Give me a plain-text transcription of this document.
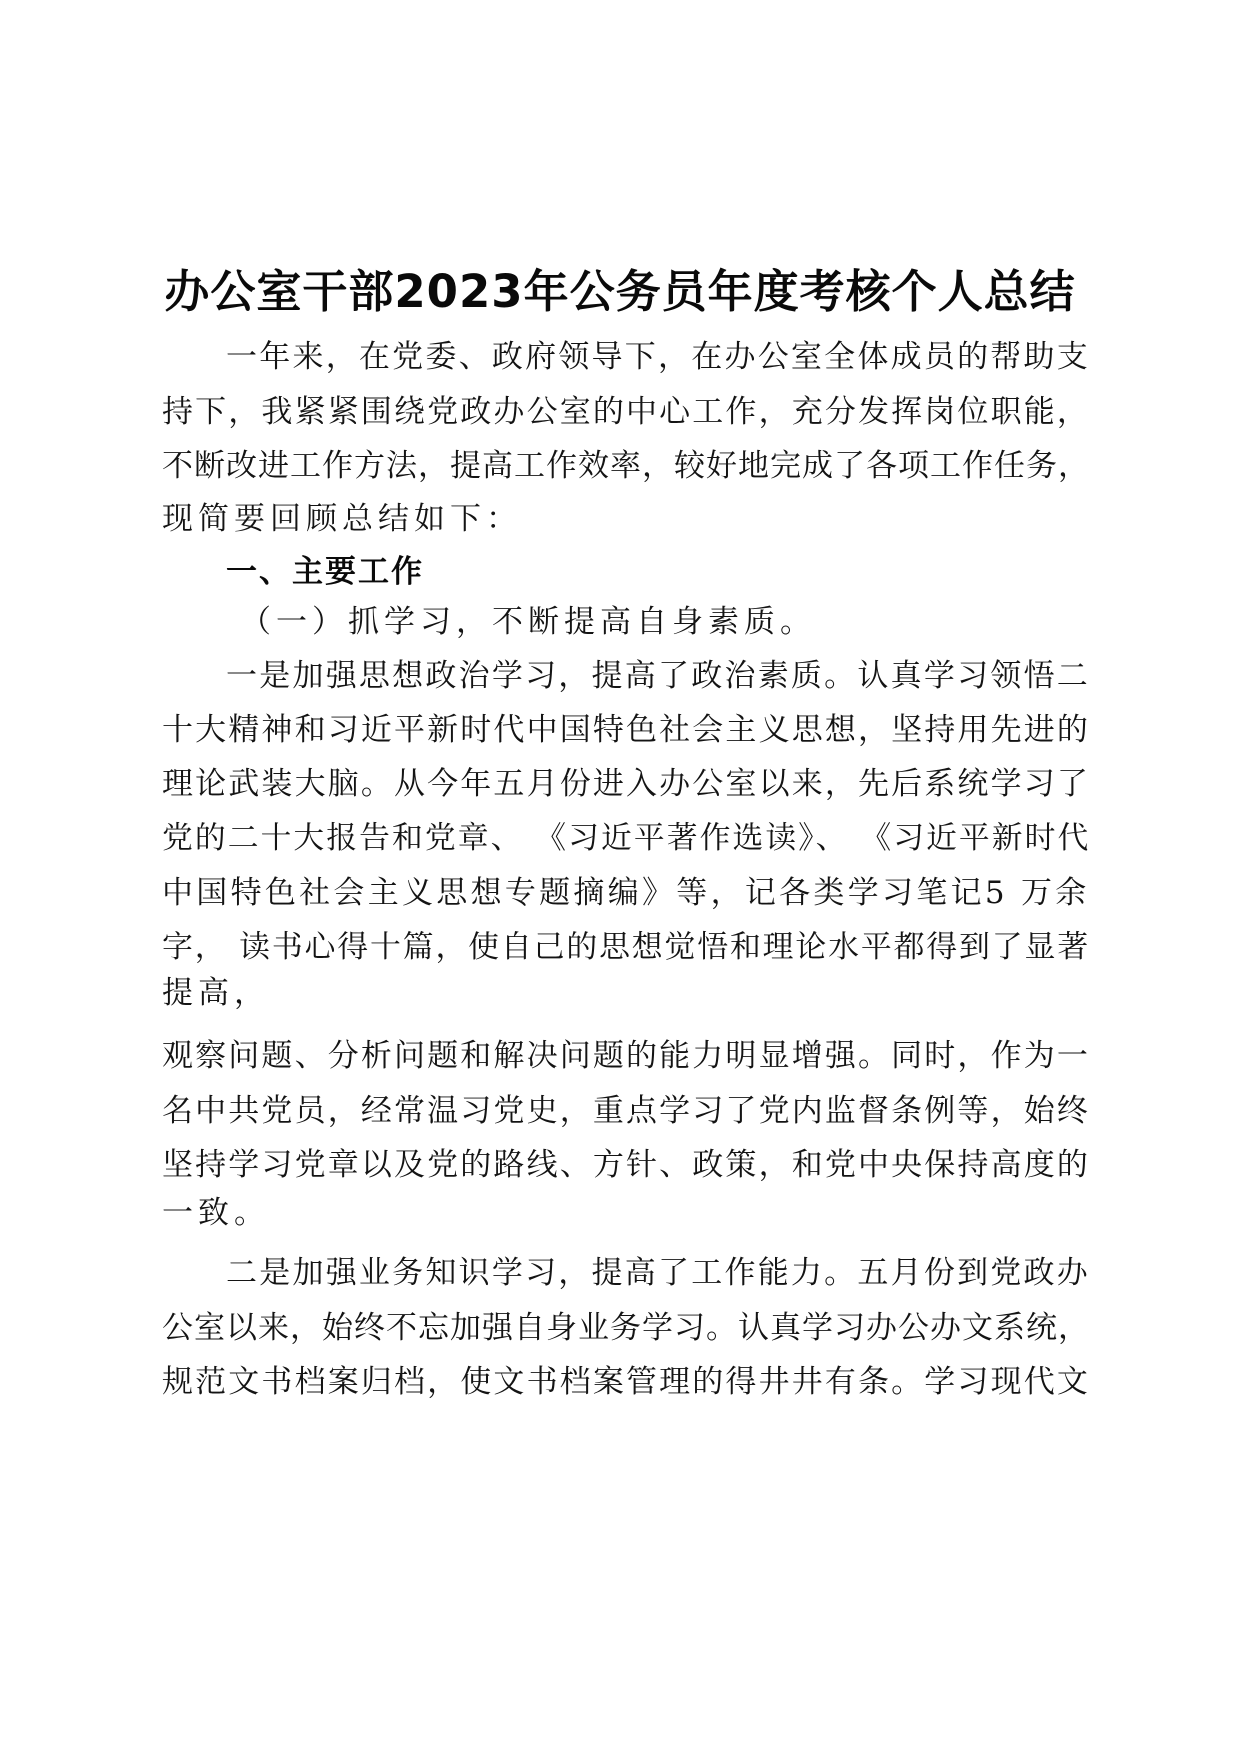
办公室干部2023年公务员年度考核个人总结
一年来，在党委、政府领导下，在办公室全体成员的帮助支
持下，我紧紧围绕党政办公室的中心工作，充分发挥岗位职能，
不断改进工作方法，提高工作效率，较好地完成了各项工作任务，
现简要回顾总结如下：
一、主要工作
（一）抓学习，不断提高自身素质。
一是加强思想政治学习，提高了政治素质。认真学习领悟二
十大精神和习近平新时代中国特色社会主义思想，坚持用先进的
理论武装大脑。从今年五月份进入办公室以来，先后系统学习了
党的二十大报告和党章、 《习近平著作选读》、 《习近平新时代
中国特色社会主义思想专题摘编》等，记各类学习笔记5 万余
字， 读书心得十篇，使自己的思想觉悟和理论水平都得到了显著
提高，
观察问题、分析问题和解决问题的能力明显增强。同时，作为一
名中共党员，经常温习党史，重点学习了党内监督条例等，始终
坚持学习党章以及党的路线、方针、政策，和党中央保持高度的
一致。
二是加强业务知识学习，提高了工作能力。五月份到党政办
公室以来，始终不忘加强自身业务学习。认真学习办公办文系统，
规范文书档案归档，使文书档案管理的得井井有条。学习现代文
